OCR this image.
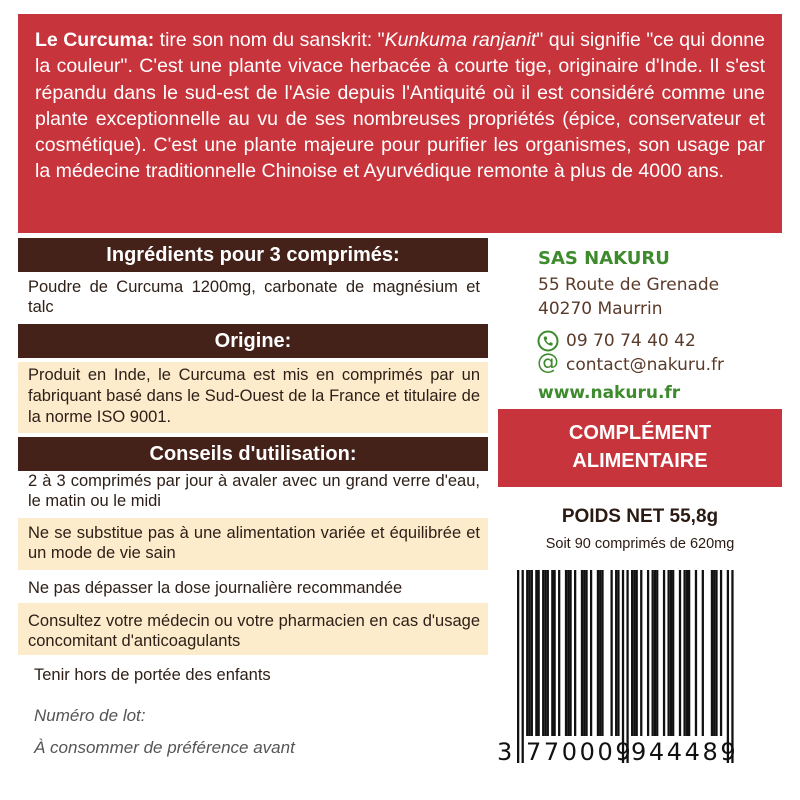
Le Curcuma: tire son nom du sanskrit: "Kunkuma ranjanit" qui signifie "ce qui donne la couleur". C'est une plante vivace herbacée à courte tige, originaire d'Inde. Il s'est répandu dans le sud-est de l'Asie depuis l'Antiquité où il est considéré comme une plante exceptionnelle au vu de ses nombreuses propriétés (épice, conservateur et cosmétique). C'est une plante majeure pour purifier les organismes, son usage par la médecine traditionnelle Chinoise et Ayurvédique remonte à plus de 4000 ans.
Ingrédients pour 3 comprimés:
Poudre de Curcuma 1200mg, carbonate de magnésium et talc
Origine:
Produit en Inde, le Curcuma est mis en comprimés par un fabriquant basé dans le Sud-Ouest de la France et titulaire de la norme ISO 9001.
Conseils d'utilisation:
2 à 3 comprimés par jour à avaler avec un grand verre d'eau, le matin ou le midi
Ne se substitue pas à une alimentation variée et équilibrée et un mode de vie sain
Ne pas dépasser la dose journalière recommandée
Consultez votre médecin ou votre pharmacien en cas d'usage concomitant d'anticoagulants
Tenir hors de portée des enfants
Numéro de lot:
À consommer de préférence avant
SAS NAKURU
55 Route de Grenade
40270 Maurrin
09 70 74 40 42
@ contact@nakuru.fr
www.nakuru.fr
COMPLÉMENT
ALIMENTAIRE
POIDS NET 55,8g
Soit 90 comprimés de 620mg
3 770009
944489
